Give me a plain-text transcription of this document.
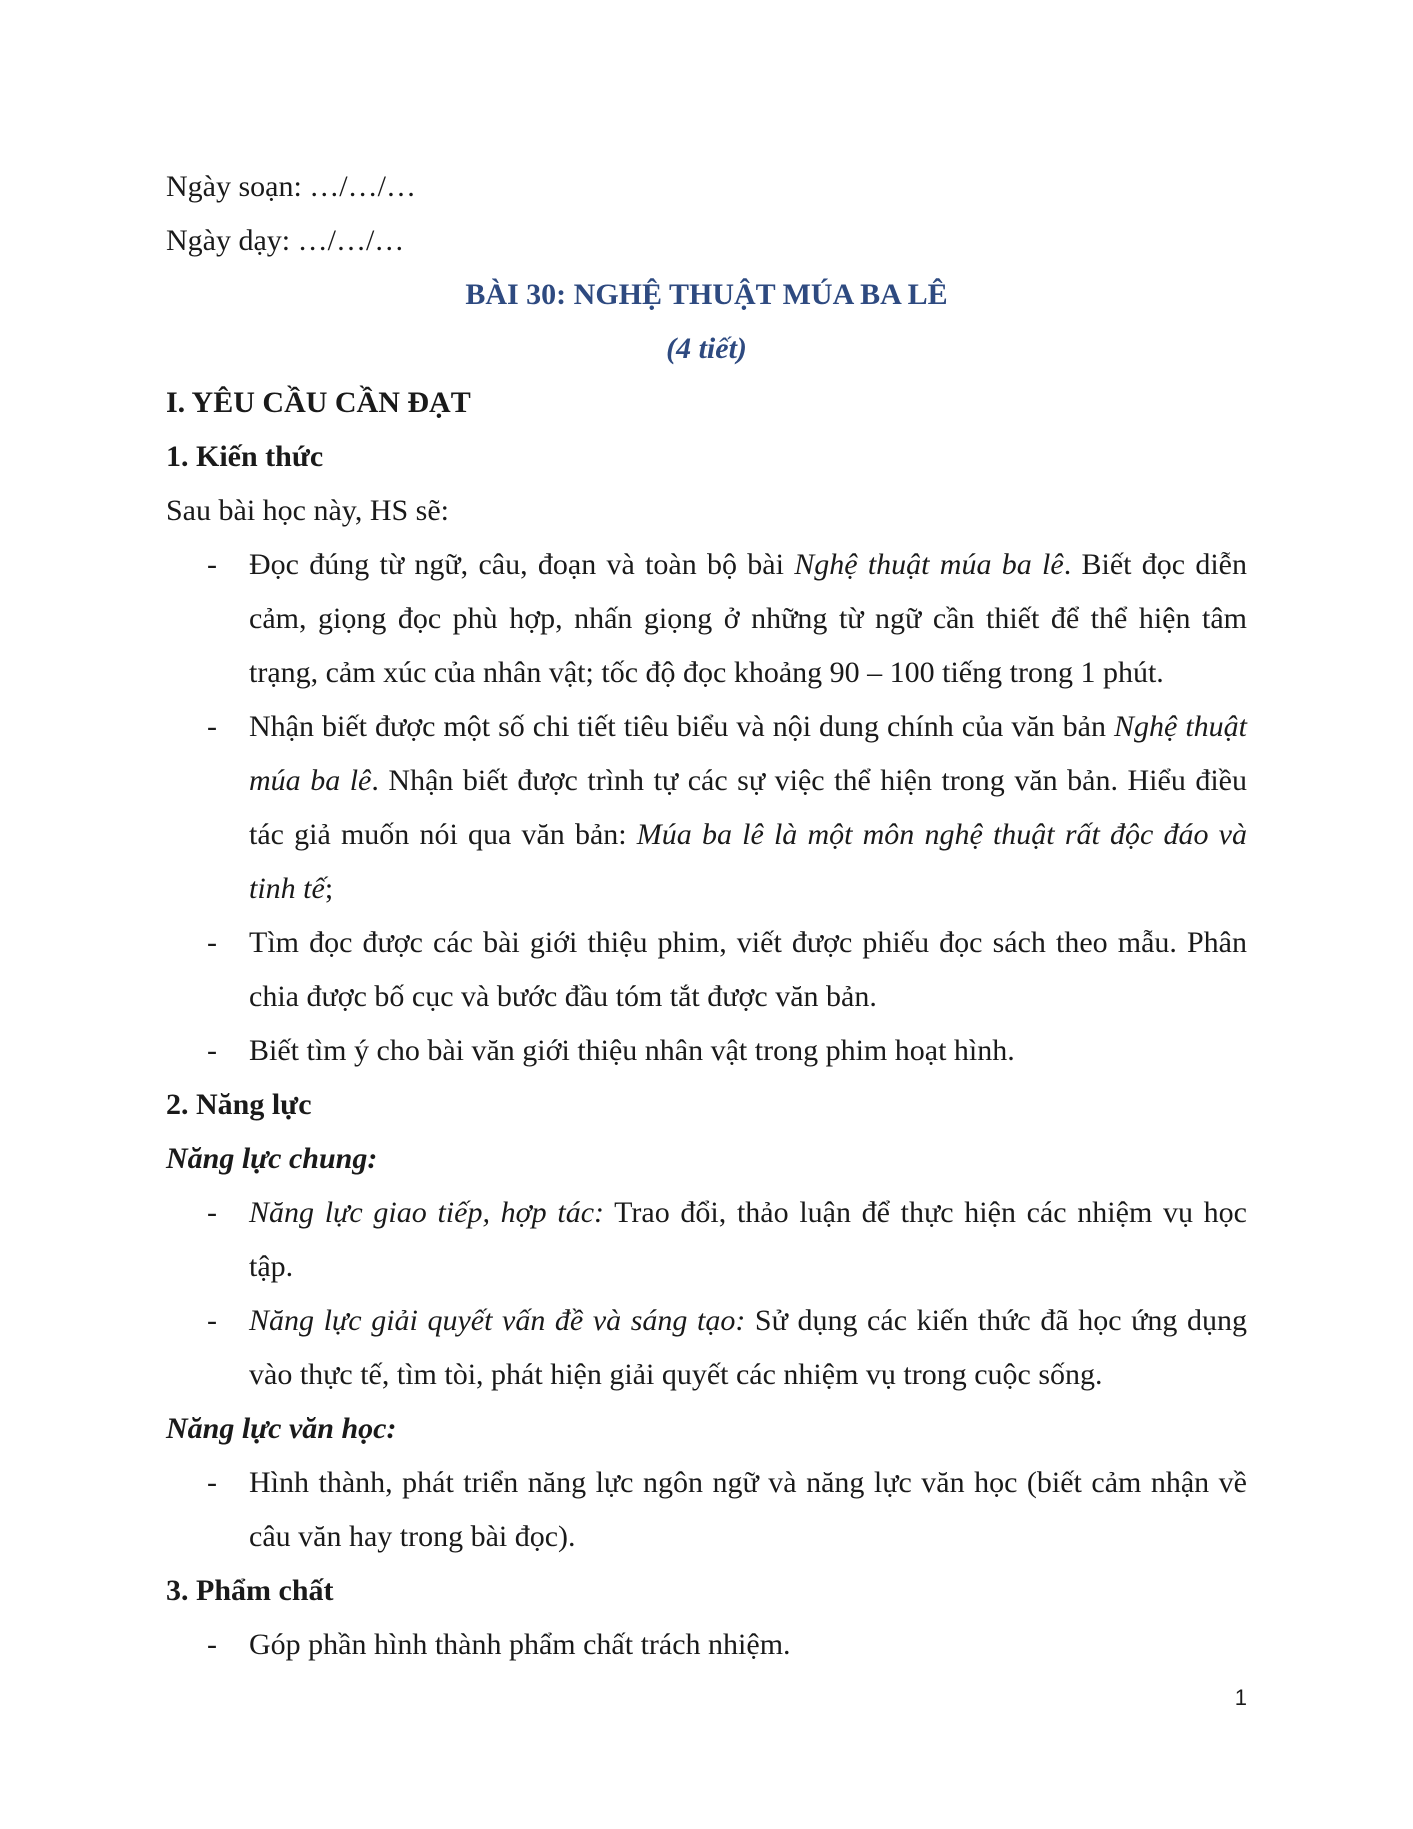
Ngày soạn: …/…/…

Ngày dạy: …/…/…

BÀI 30: NGHỆ THUẬT MÚA BA LÊ

(4 tiết)

I. YÊU CẦU CẦN ĐẠT

1. Kiến thức

Sau bài học này, HS sẽ:

- Đọc đúng từ ngữ, câu, đoạn và toàn bộ bài Nghệ thuật múa ba lê. Biết đọc diễn cảm, giọng đọc phù hợp, nhấn giọng ở những từ ngữ cần thiết để thể hiện tâm trạng, cảm xúc của nhân vật; tốc độ đọc khoảng 90 – 100 tiếng trong 1 phút.
- Nhận biết được một số chi tiết tiêu biểu và nội dung chính của văn bản Nghệ thuật múa ba lê. Nhận biết được trình tự các sự việc thể hiện trong văn bản. Hiểu điều tác giả muốn nói qua văn bản: Múa ba lê là một môn nghệ thuật rất độc đáo và tinh tế;
- Tìm đọc được các bài giới thiệu phim, viết được phiếu đọc sách theo mẫu. Phân chia được bố cục và bước đầu tóm tắt được văn bản.
- Biết tìm ý cho bài văn giới thiệu nhân vật trong phim hoạt hình.

2. Năng lực

Năng lực chung:

- Năng lực giao tiếp, hợp tác: Trao đổi, thảo luận để thực hiện các nhiệm vụ học tập.
- Năng lực giải quyết vấn đề và sáng tạo: Sử dụng các kiến thức đã học ứng dụng vào thực tế, tìm tòi, phát hiện giải quyết các nhiệm vụ trong cuộc sống.

Năng lực văn học:

- Hình thành, phát triển năng lực ngôn ngữ và năng lực văn học (biết cảm nhận về câu văn hay trong bài đọc).

3. Phẩm chất

- Góp phần hình thành phẩm chất trách nhiệm.
1
